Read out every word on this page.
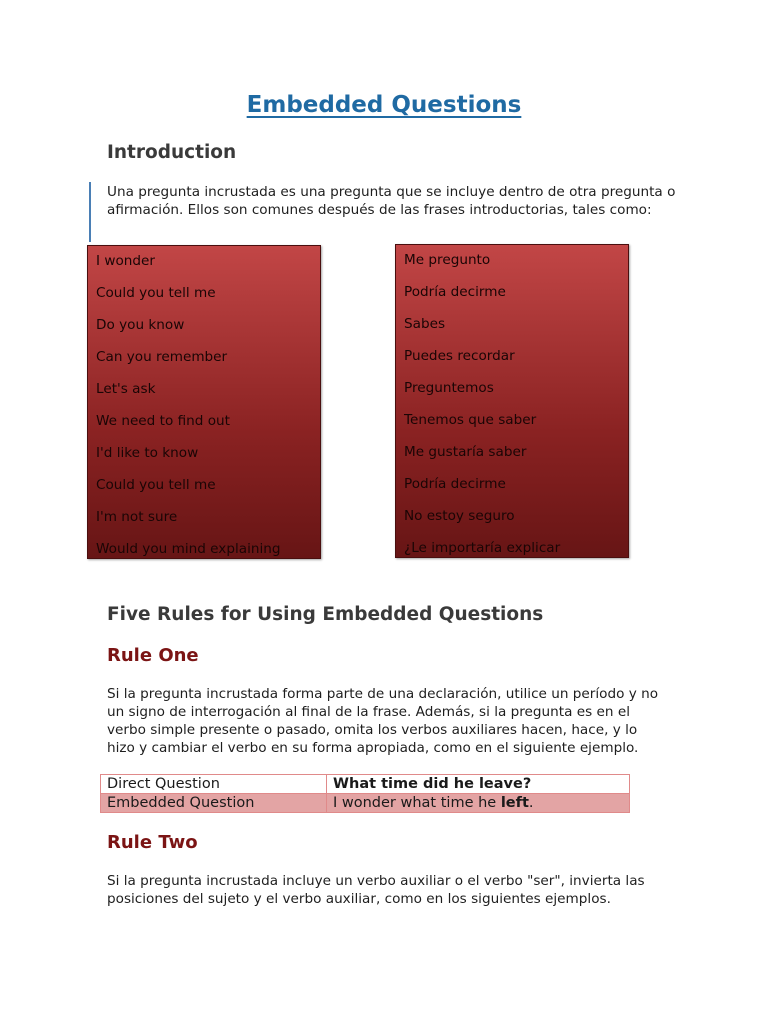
Embedded Questions
Introduction

Una pregunta incrustada es una pregunta que se incluye dentro de otra pregunta o afirmación. Ellos son comunes después de las frases introductorias, tales como:

I wonder
Could you tell me
Do you know
Can you remember
Let's ask
We need to find out
I'd like to know
Could you tell me
I'm not sure
Would you mind explaining
Me pregunto
Podría decirme
Sabes
Puedes recordar
Preguntemos
Tenemos que saber
Me gustaría saber
Podría decirme
No estoy seguro
¿Le importaría explicar
Five Rules for Using Embedded Questions
Rule One

Si la pregunta incrustada forma parte de una declaración, utilice un período y no un signo de interrogación al final de la frase. Además, si la pregunta es en el verbo simple presente o pasado, omita los verbos auxiliares hacen, hace, y lo hizo y cambiar el verbo en su forma apropiada, como en el siguiente ejemplo.

Direct Question	What time did he leave?
Embedded Question	I wonder what time he left.
Rule Two

Si la pregunta incrustada incluye un verbo auxiliar o el verbo "ser", invierta las posiciones del sujeto y el verbo auxiliar, como en los siguientes ejemplos.
